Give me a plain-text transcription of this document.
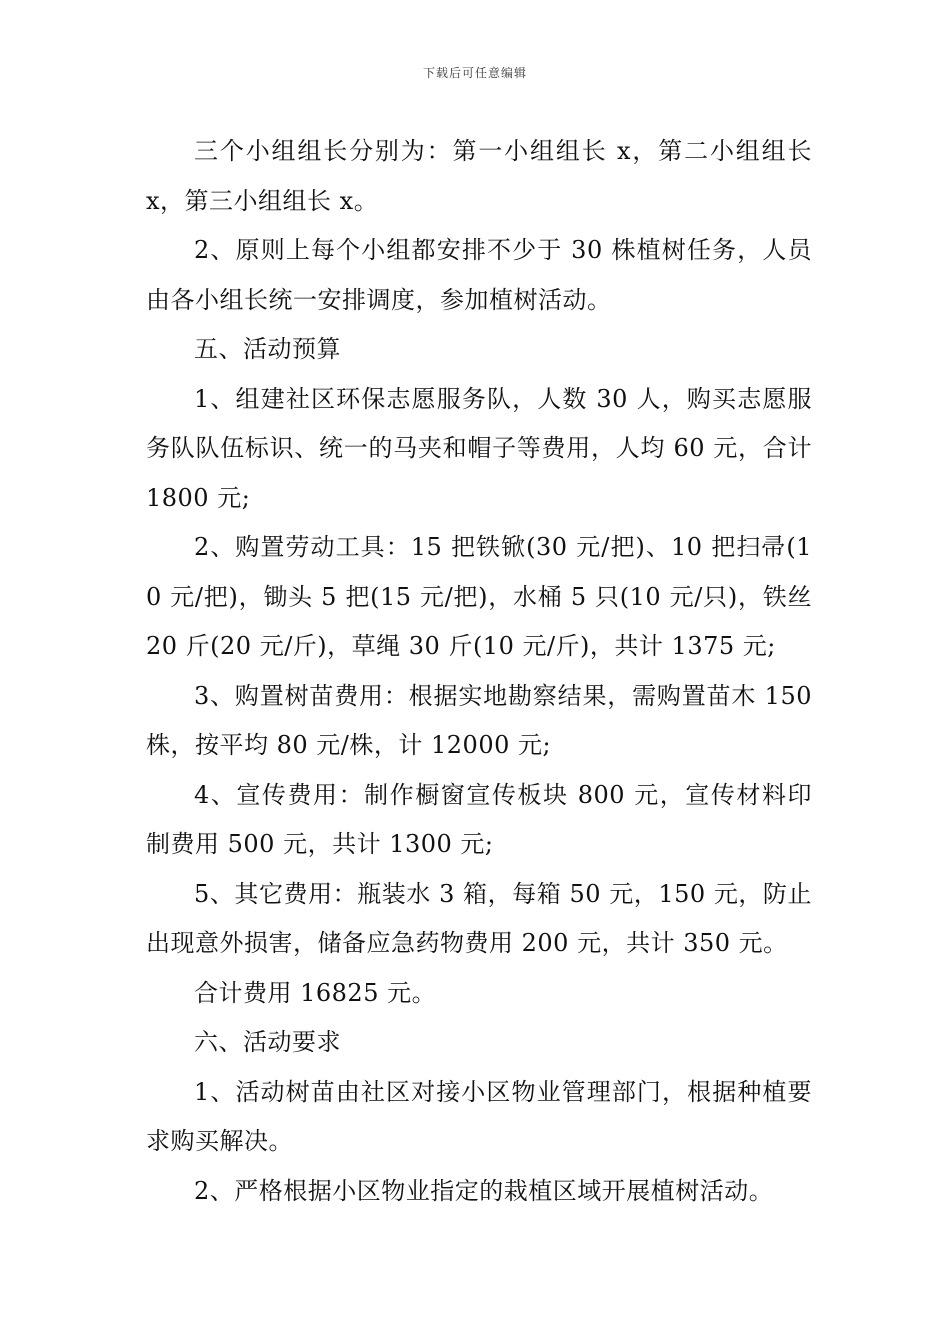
下载后可任意编辑

三个小组组长分别为：第一小组组长 x，第二小组组长 x，第三小组组长 x。

2、原则上每个小组都安排不少于 30 株植树任务，人员由各小组长统一安排调度，参加植树活动。

五、活动预算

1、组建社区环保志愿服务队，人数 30 人，购买志愿服务队队伍标识、统一的马夹和帽子等费用，人均 60 元，合计 1800 元;

2、购置劳动工具：15 把铁锨(30 元/把)、10 把扫帚(10 元/把)，锄头 5 把(15 元/把)，水桶 5 只(10 元/只)，铁丝 20 斤(20 元/斤)，草绳 30 斤(10 元/斤)，共计 1375 元;

3、购置树苗费用：根据实地勘察结果，需购置苗木 150 株，按平均 80 元/株，计 12000 元;

4、宣传费用：制作橱窗宣传板块 800 元，宣传材料印制费用 500 元，共计 1300 元;

5、其它费用：瓶装水 3 箱，每箱 50 元，150 元，防止出现意外损害，储备应急药物费用 200 元，共计 350 元。

合计费用 16825 元。

六、活动要求

1、活动树苗由社区对接小区物业管理部门，根据种植要求购买解决。

2、严格根据小区物业指定的栽植区域开展植树活动。
